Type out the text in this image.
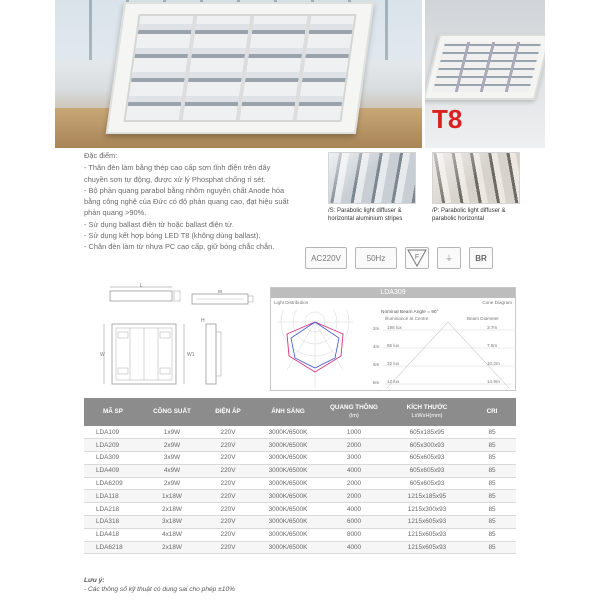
T8
Đặc điểm:
- Thân đèn làm bằng thép cao cấp sơn tĩnh điện trên dây
chuyền sơn tự động, được xử lý Phosphat chống rỉ sét.
- Bộ phản quang parabol bằng nhôm nguyên chất Anode hóa
bằng công nghệ của Đức có độ phản quang cao, đạt hiệu suất
phản quang >90%.
- Sử dụng ballast điện từ hoặc ballast điện tử.
- Sử dụng kết hợp bóng LED T8 (không dùng ballast).
- Chân đèn làm từ nhựa PC cao cấp, giữ bóng chắc chắn.
/S: Parabolic light diffuser &
horizontal aluminium stripes
/P: Parabolic light diffuser &
parabolic horizontal
AC220V	50Hz	F	⏚	BR
L
W
W	W1
H
LDA309
Light Distribution	Cone Diagram
Nominal Beam Angle = 90°
Illuminance at Centre	Beam Diameter
2m 198 lux	3.7m
4m 65 lux	7.5m
6m 32 lux	10.2m
8m 12 lux	14.9m
MÃ SP	CÔNG SUẤT	ĐIỆN ÁP	ÁNH SÁNG	QUANG THÔNG
(lm)	KÍCH THƯỚC
LxWxH(mm)	CRI
LDA109	1x9W	220V	3000K/6500K	1000	605x185x95	85
LDA209	2x9W	220V	3000K/6500K	2000	605x300x93	85
LDA309	3x9W	220V	3000K/6500K	3000	605x605x93	85
LDA409	4x9W	220V	3000K/6500K	4000	605x605x93	85
LDA6209	2x9W	220V	3000K/6500K	2000	605x605x93	85
LDA118	1x18W	220V	3000K/6500K	2000	1215x185x95	85
LDA218	2x18W	220V	3000K/6500K	4000	1215x300x93	85
LDA318	3x18W	220V	3000K/6500K	6000	1215x605x93	85
LDA418	4x18W	220V	3000K/6500K	8000	1215x605x93	85
LDA6218	2x18W	220V	3000K/6500K	4000	1215x605x93	85
Lưu ý:
- Các thông số kỹ thuật có dung sai cho phép ±10%
